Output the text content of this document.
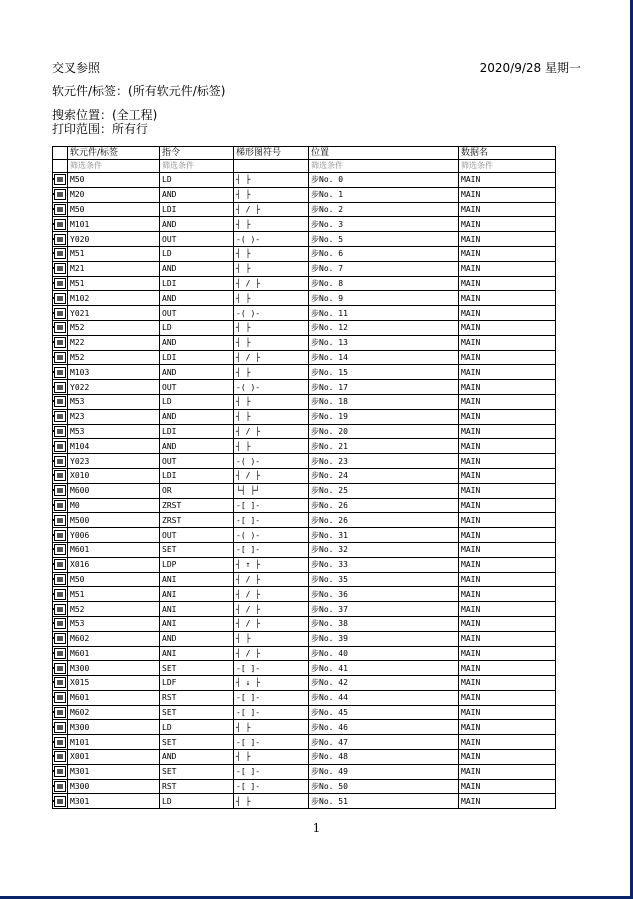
交叉参照	2020/9/28 星期一
软元件/标签：(所有软元件/标签)
搜索位置：(全工程)
打印范围：所有行
	软元件/标签	指令	梯形图符号	位置	数据名
	筛选条件	筛选条件		筛选条件	筛选条件
	M50	LD	┤ ├	步No. 0	MAIN
	M20	AND	┤ ├	步No. 1	MAIN
	M50	LDI	┤ / ├	步No. 2	MAIN
	M101	AND	┤ ├	步No. 3	MAIN
	Y020	OUT	-( )-	步No. 5	MAIN
	M51	LD	┤ ├	步No. 6	MAIN
	M21	AND	┤ ├	步No. 7	MAIN
	M51	LDI	┤ / ├	步No. 8	MAIN
	M102	AND	┤ ├	步No. 9	MAIN
	Y021	OUT	-( )-	步No. 11	MAIN
	M52	LD	┤ ├	步No. 12	MAIN
	M22	AND	┤ ├	步No. 13	MAIN
	M52	LDI	┤ / ├	步No. 14	MAIN
	M103	AND	┤ ├	步No. 15	MAIN
	Y022	OUT	-( )-	步No. 17	MAIN
	M53	LD	┤ ├	步No. 18	MAIN
	M23	AND	┤ ├	步No. 19	MAIN
	M53	LDI	┤ / ├	步No. 20	MAIN
	M104	AND	┤ ├	步No. 21	MAIN
	Y023	OUT	-( )-	步No. 23	MAIN
	X010	LDI	┤ / ├	步No. 24	MAIN
	M600	OR	└┤ ├┘	步No. 25	MAIN
	M0	ZRST	-[ ]-	步No. 26	MAIN
	M500	ZRST	-[ ]-	步No. 26	MAIN
	Y006	OUT	-( )-	步No. 31	MAIN
	M601	SET	-[ ]-	步No. 32	MAIN
	X016	LDP	┤ ↑ ├	步No. 33	MAIN
	M50	ANI	┤ / ├	步No. 35	MAIN
	M51	ANI	┤ / ├	步No. 36	MAIN
	M52	ANI	┤ / ├	步No. 37	MAIN
	M53	ANI	┤ / ├	步No. 38	MAIN
	M602	AND	┤ ├	步No. 39	MAIN
	M601	ANI	┤ / ├	步No. 40	MAIN
	M300	SET	-[ ]-	步No. 41	MAIN
	X015	LDF	┤ ↓ ├	步No. 42	MAIN
	M601	RST	-[ ]-	步No. 44	MAIN
	M602	SET	-[ ]-	步No. 45	MAIN
	M300	LD	┤ ├	步No. 46	MAIN
	M101	SET	-[ ]-	步No. 47	MAIN
	X001	AND	┤ ├	步No. 48	MAIN
	M301	SET	-[ ]-	步No. 49	MAIN
	M300	RST	-[ ]-	步No. 50	MAIN
	M301	LD	┤ ├	步No. 51	MAIN
1
